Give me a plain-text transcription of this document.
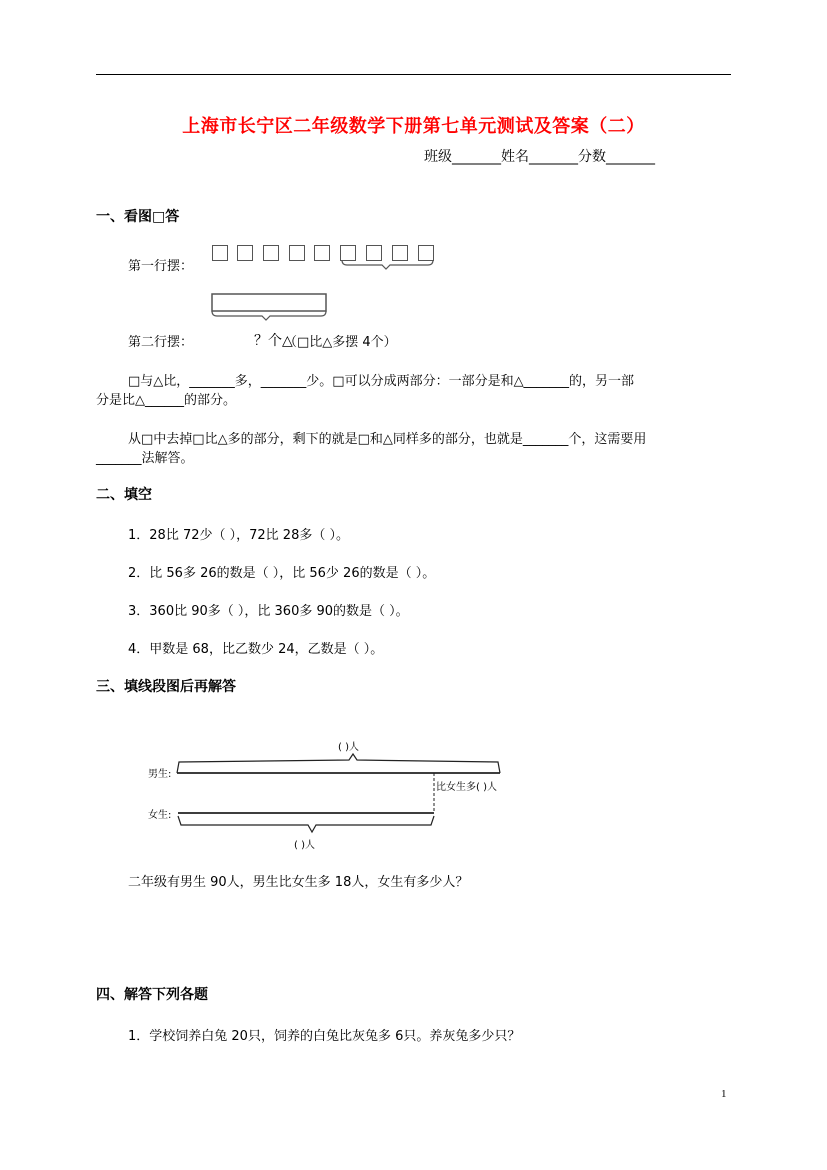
上海市长宁区二年级数学下册第七单元测试及答案（二）
班级_______姓名_______分数_______
一、看图□答
第一行摆：
第二行摆：	？个△
（□比△多摆 4个）
□与△比，_______多，_______少。□可以分成两部分：一部分是和△_______的，另一部
分是比△______的部分。
从□中去掉□比△多的部分，剩下的就是□和△同样多的部分，也就是_______个，这需要用
_______法解答。
二、填空
1．28比 72少（ ），72比 28多（ ）。
2．比 56多 26的数是（ ），比 56少 26的数是（ ）。
3．360比 90多（ ），比 360多 90的数是（ ）。
4．甲数是 68，比乙数少 24，乙数是（ ）。
三、填线段图后再解答
( )人
男生:
比女生多( )人
女生:
( )人
二年级有男生 90人，男生比女生多 18人，女生有多少人？
四、解答下列各题
1．学校饲养白兔 20只，饲养的白兔比灰兔多 6只。养灰兔多少只？
1
